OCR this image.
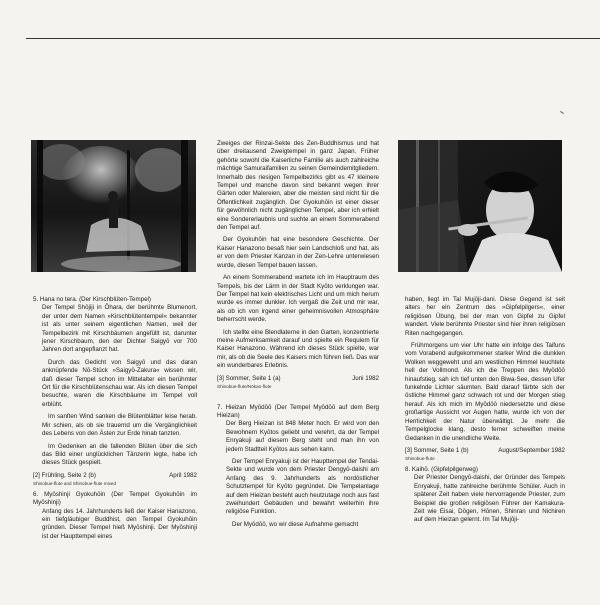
5. Hana no tera. (Der Kirschblüten-Tempel)

Der Tempel Shōjiji in Ōhara, der berühmte Blumenort, der unter dem Namen »Kirschblütentempel« bekannter ist als unter seinem eigentlichen Namen, weil der Tempelbezirk mit Kirschbäumen angefüllt ist, darunter jener Kirschbaum, den der Dichter Saigyō vor 700 Jahren dort angepflanzt hat.

Durch das Gedicht von Saigyō und das daran anknüpfende Nō-Stück »Saigyō-Zakura« wissen wir, daß dieser Tempel schon im Mittelalter ein berühmter Ort für die Kirschblütenschau war. Als ich diesen Tempel besuchte, waren die Kirschbäume im Tempel voll erblüht.

Im sanften Wind sanken die Blütenblätter leise herab. Mir schien, als ob sie trauernd um die Vergänglichkeit des Lebens von den Ästen zur Erde hinab tanzten.

Im Gedenken an die fallenden Blüten über die sich das Bild einer unglücklichen Tänzerin legte, habe ich dieses Stück gespielt.

[2] Frühling, Seite 2 (b)	April 1982

Shinobue-flute and Shinobue-flute mixed

6. Myōshinji Gyokuhōin (Der Tempel Gyokuhōin im Myōshinji)

Anfang des 14. Jahrhunderts ließ der Kaiser Hanazono, ein tiefgläubiger Buddhist, den Tempel Gyokuhōin gründen. Dieser Tempel hieß Myōshinji. Der Myōshinji ist der Haupttempel eines

Zweiges der Rinzai-Sekte des Zen-Buddhismus und hat über dreitausend Zweigtempel in ganz Japan. Früher gehörte sowohl die Kaiserliche Familie als auch zahlreiche mächtige Samuraifamilien zu seinen Gemeindemitgliedern. Innerhalb des riesigen Tempelbezirks gibt es 47 kleinere Tempel und manche davon sind bekannt wegen ihrer Gärten oder Malereien, aber die meisten sind nicht für die Öffentlichkeit zugänglich. Der Gyokuhōin ist einer dieser für gewöhnlich nicht zugänglichen Tempel, aber ich erhielt eine Sondererlaubnis und suchte an einem Sommerabend den Tempel auf.

Der Gyokuhōin hat eine besondere Geschichte. Der Kaiser Hanazono besaß hier sein Landschloß und hat, als er von dem Priester Kanzan in der Zen-Lehre unterwiesen wurde, diesen Tempel bauen lassen.

An einem Sommerabend wartete ich im Hauptraum des Tempels, bis der Lärm in der Stadt Kyōto verklungen war. Der Tempel hat kein elektrisches Licht und um mich herum wurde es immer dunkler. Ich vergaß die Zeit und mir war, als ob ich von irgend einer geheimnisvollen Atmosphäre beherrscht werde.

Ich stellte eine Blendlaterne in den Garten, konzentrierte meine Aufmerksamkeit darauf und spielte ein Requiem für Kaiser Hanazono. Während ich dieses Stück spielte, war mir, als ob die Seele des Kaisers mich führen ließ. Das war ein wunderbares Erlebnis.

[3] Sommer, Seite 1 (a)	Juni 1982

Shinobue-flute/Nōkan-flute

7. Hieizan Myōdōō (Der Tempel Myōdōō auf dem Berg Hieizan)

Der Berg Hieizan ist 848 Meter hoch. Er wird von den Bewohnern Kyōtos geliebt und verehrt, da der Tempel Enryakuji auf diesem Berg steht und man ihn von jedem Stadtteil Kyōtos aus sehen kann.

Der Tempel Enryakuji ist der Haupttempel der Tendai-Sekte und wurde von dem Priester Dengyō-daishi am Anfang des 9. Jahrhunderts als nordöstlicher Schutztempel für Kyōto gegründet. Die Tempelanlage auf dem Hieizan besteht auch heutzutage noch aus fast zweihundert Gebäuden und bewahrt weiterhin ihre religiöse Funktion.

Der Myōdōō, wo wir diese Aufnahme gemacht

haben, liegt im Tal Mujōji-dani. Diese Gegend ist seit alters her ein Zentrum des »Gipfelpilgers«, einer religiösen Übung, bei der man von Gipfel zu Gipfel wandert. Viele berühmte Priester sind hier ihren religiösen Riten nachgegangen.

Frühmorgens um vier Uhr hatte ein infolge des Taifuns vom Vorabend aufgekommener starker Wind die dunklen Wolken weggeweht und am westlichen Himmel leuchtete hell der Vollmond. Als ich die Treppen des Myōdōō hinaufstieg, sah ich tief unten den Biwa-See, dessen Ufer funkelnde Lichter säumten. Bald darauf färbte sich der östliche Himmel ganz schwach rot und der Morgen stieg herauf. Als ich mich im Myōdōō niedersetzte und diese großartige Aussicht vor Augen hatte, wurde ich von der Herrlichkeit der Natur überwältigt. Je mehr die Tempelglocke klang, desto ferner schweiften meine Gedanken in die unendliche Weite.

[3] Sommer, Seite 1 (b)	August/September 1982

Shinobue-flute

8. Kaihō. (Gipfelpilgerweg)

Der Priester Dengyō-daishi, der Gründer des Tempels Enryakuji, hatte zahlreiche berühmte Schüler. Auch in späterer Zeit haben viele hervorragende Priester, zum Beispiel die großen religiösen Führer der Kamakura-Zeit wie Eisai, Dōgen, Hōnen, Shinran und Nichiren auf dem Hieizan gelernt. Im Tal Mujōji-
